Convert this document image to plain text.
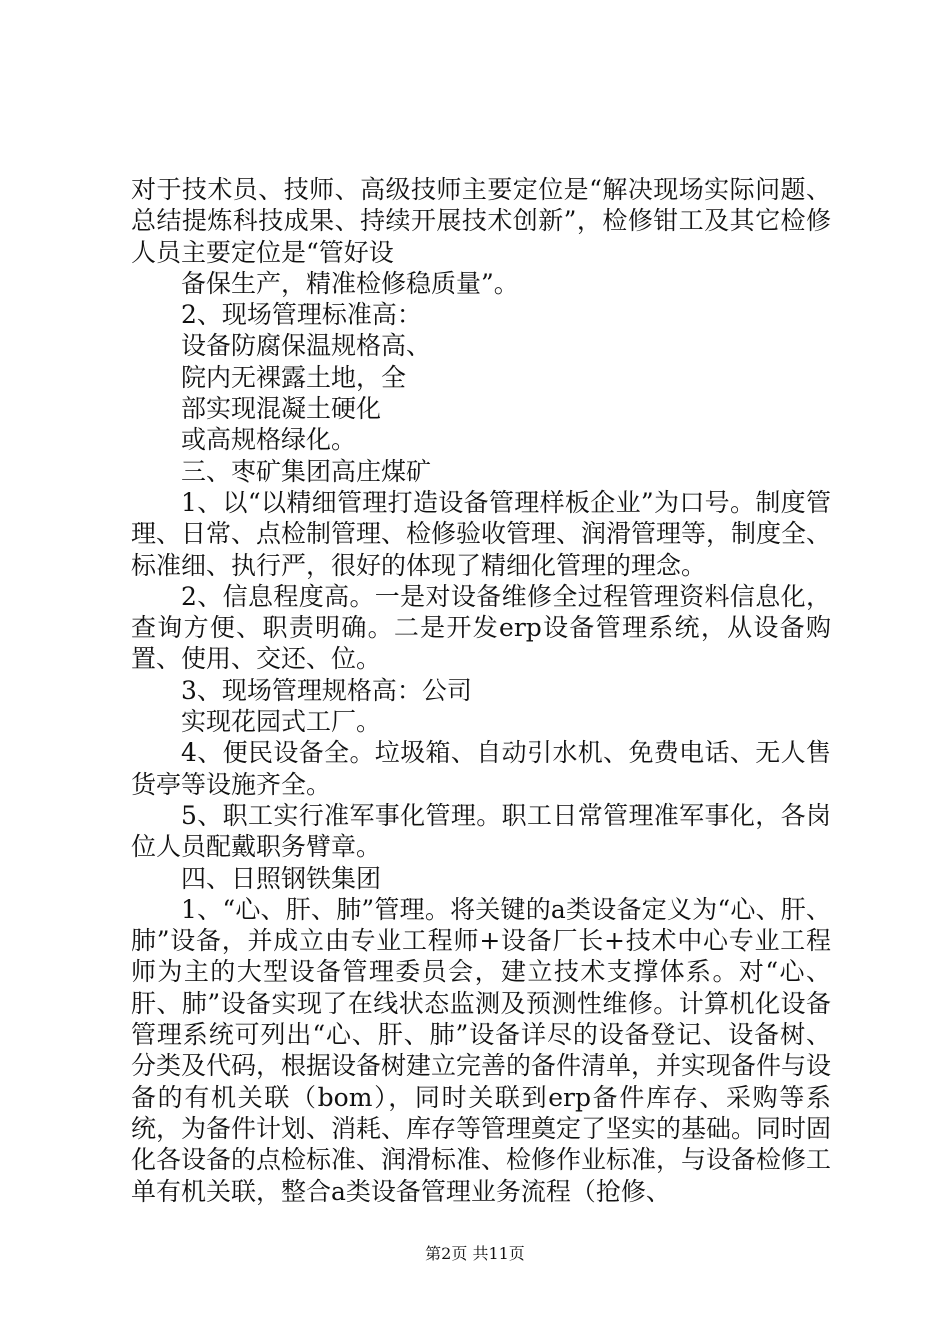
对于技术员、技师、高级技师主要定位是“解决现场实际问题、总结提炼科技成果、持续开展技术创新”，检修钳工及其它检修人员主要定位是“管好设

备保生产，精准检修稳质量”。

2、现场管理标准高：

设备防腐保温规格高、

院内无裸露土地，全

部实现混凝土硬化

或高规格绿化。

三、枣矿集团高庄煤矿

1、以“以精细管理打造设备管理样板企业”为口号。制度管理、日常、点检制管理、检修验收管理、润滑管理等，制度全、标准细、执行严，很好的体现了精细化管理的理念。

2、信息程度高。一是对设备维修全过程管理资料信息化，查询方便、职责明确。二是开发erp设备管理系统，从设备购置、使用、交还、位。

3、现场管理规格高：公司

实现花园式工厂。

4、便民设备全。垃圾箱、自动引水机、免费电话、无人售货亭等设施齐全。

5、职工实行准军事化管理。职工日常管理准军事化，各岗位人员配戴职务臂章。

四、日照钢铁集团

1、“心、肝、肺”管理。将关键的a类设备定义为“心、肝、肺”设备，并成立由专业工程师+设备厂长+技术中心专业工程师为主的大型设备管理委员会，建立技术支撑体系。对“心、肝、肺”设备实现了在线状态监测及预测性维修。计算机化设备管理系统可列出“心、肝、肺”设备详尽的设备登记、设备树、分类及代码，根据设备树建立完善的备件清单，并实现备件与设备的有机关联（bom），同时关联到erp备件库存、采购等系统，为备件计划、消耗、库存等管理奠定了坚实的基础。同时固化各设备的点检标准、润滑标准、检修作业标准，与设备检修工单有机关联，整合a类设备管理业务流程（抢修、

第2页 共11页
